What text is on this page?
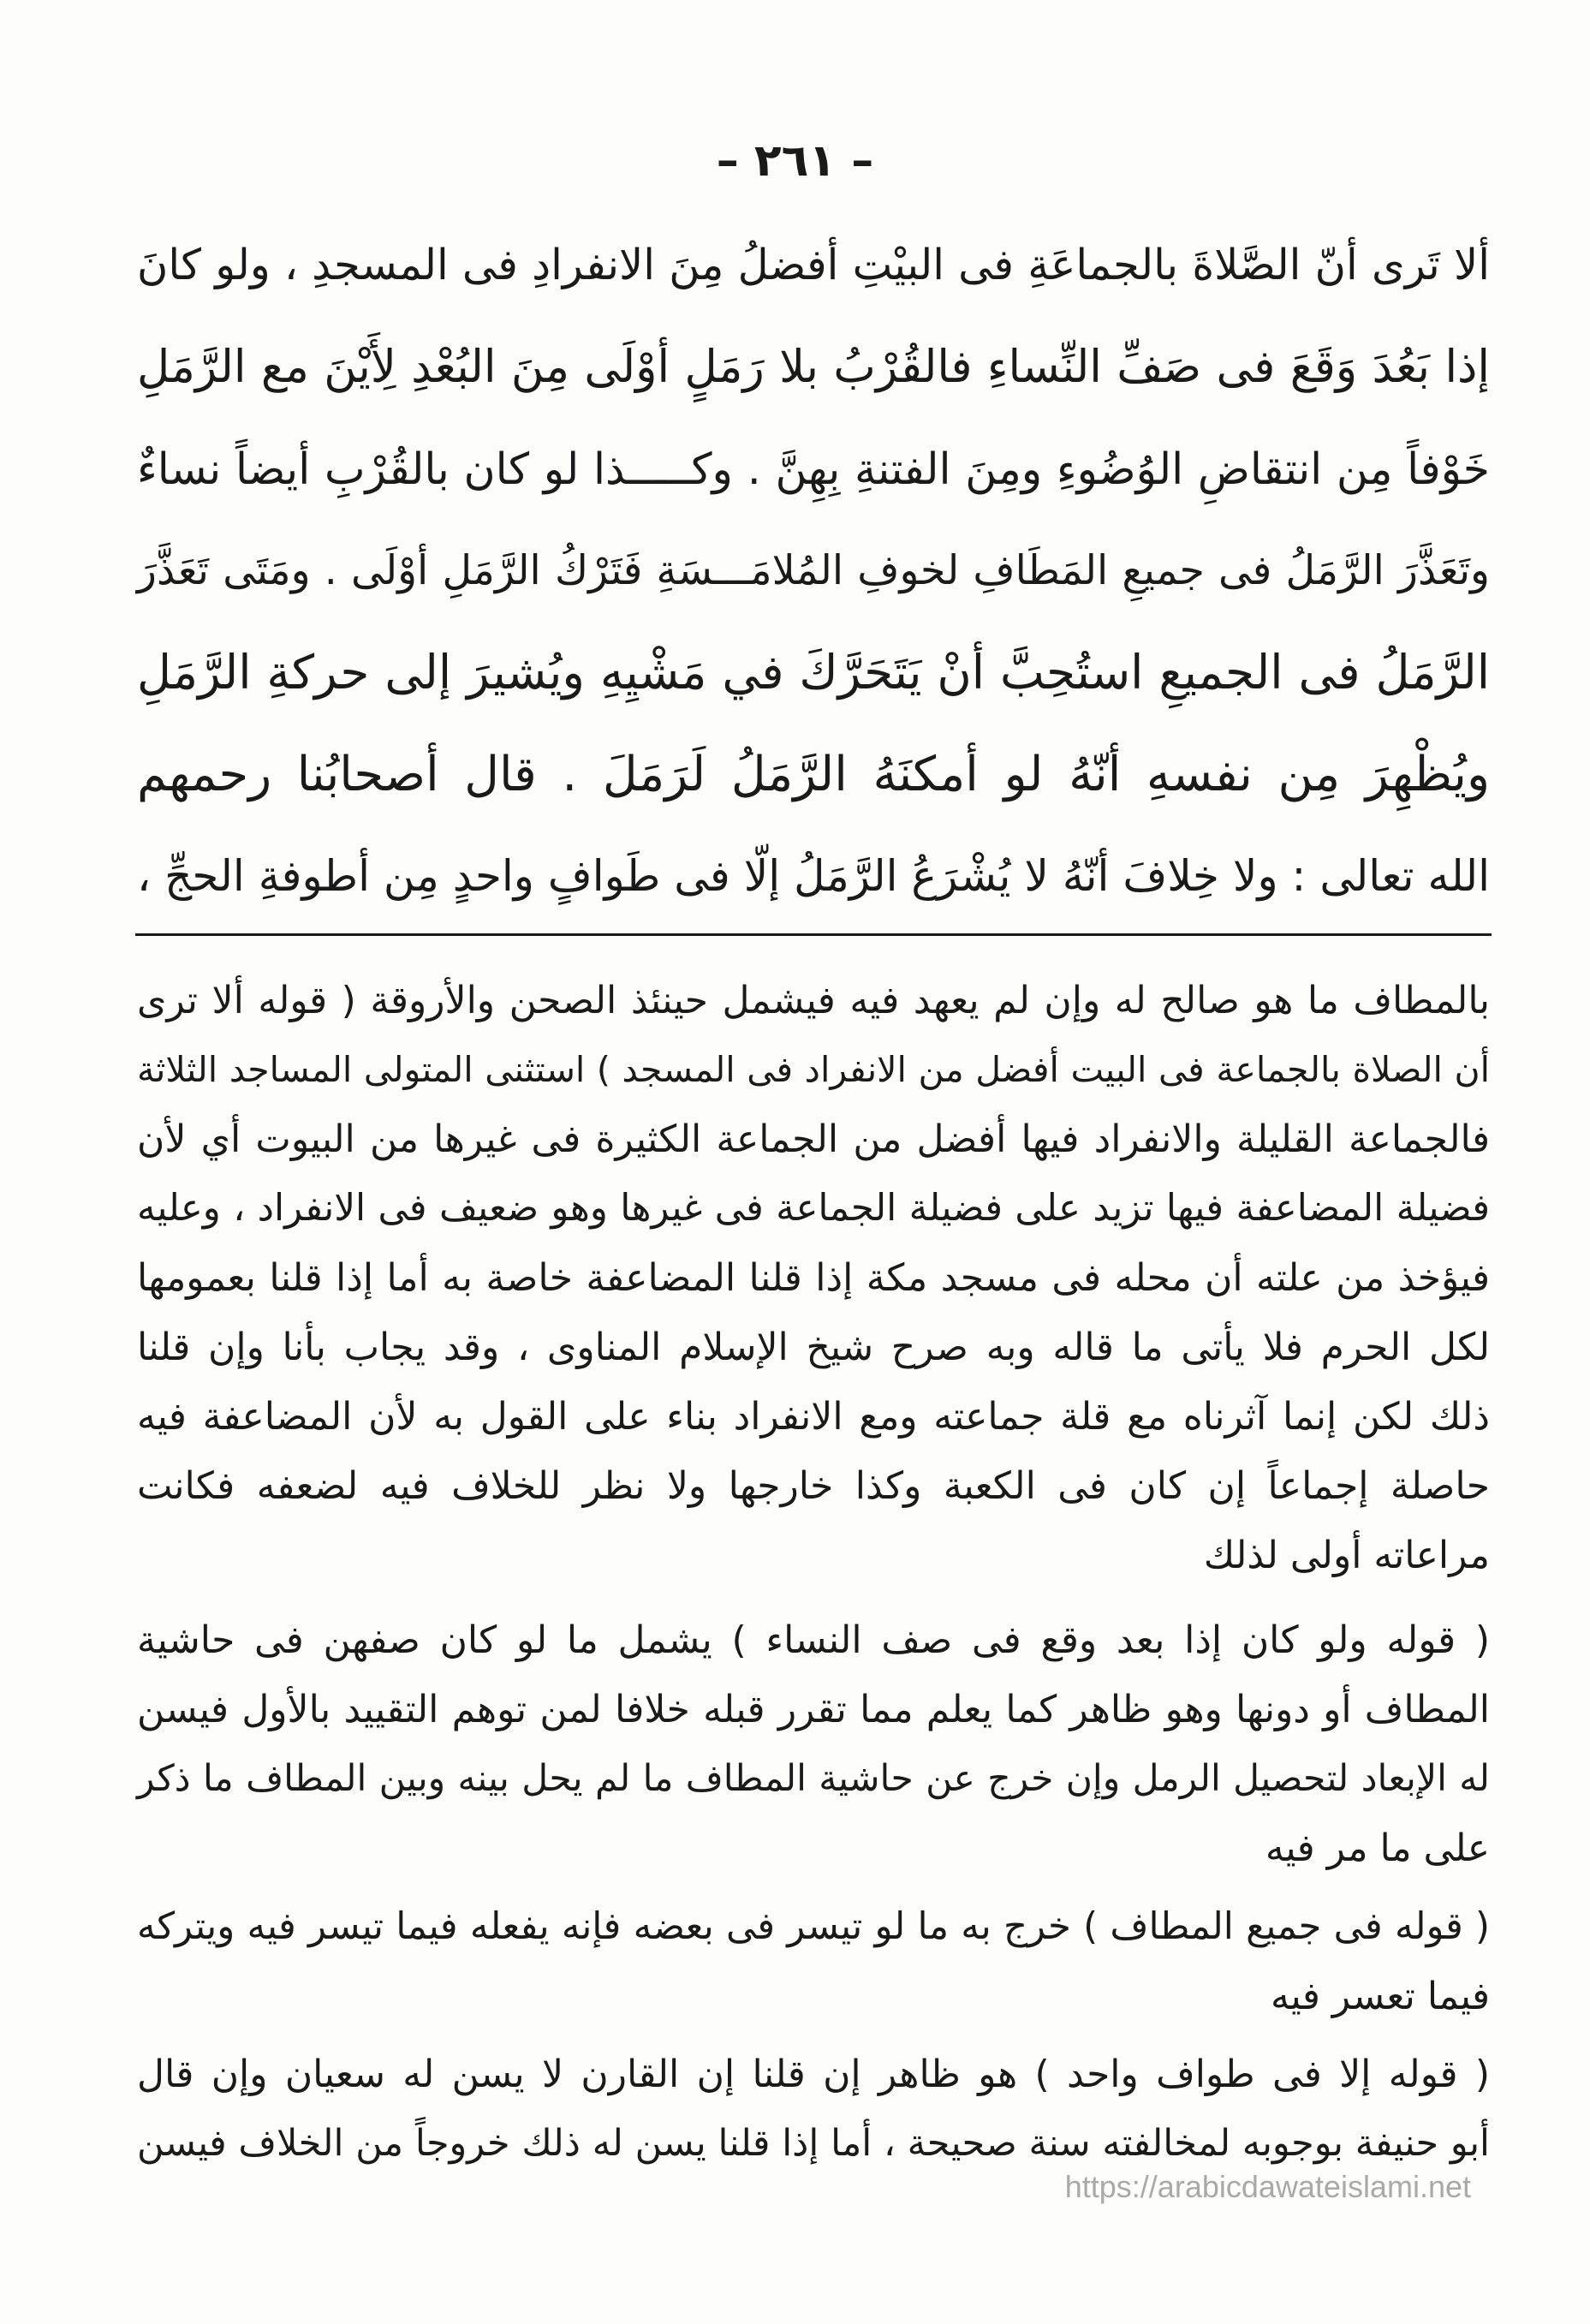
– ٢٦١ –
ألا تَرى أنّ الصَّلاةَ بالجماعَةِ فى البيْتِ أفضلُ مِنَ الانفرادِ فى المسجدِ ، ولو كانَ
إذا بَعُدَ وَقَعَ فى صَفِّ النِّساءِ فالقُرْبُ بلا رَمَلٍ أوْلَى مِنَ البُعْدِ لِأَيْنَ مع الرَّمَلِ
خَوْفاً مِن انتقاضِ الوُضُوءِ ومِنَ الفتنةِ بِهِنَّ . وكـــــذا لو كان بالقُرْبِ أيضاً نساءٌ
وتَعَذَّرَ الرَّمَلُ فى جميعِ المَطَافِ لخوفِ المُلامَـــسَةِ فَتَرْكُ الرَّمَلِ أوْلَى . ومَتَى تَعَذَّرَ
الرَّمَلُ فى الجميعِ استُحِبَّ أنْ يَتَحَرَّكَ في مَشْيِهِ ويُشيرَ إلى حركةِ الرَّمَلِ
ويُظْهِرَ مِن نفسهِ أنّهُ لو أمكنَهُ الرَّمَلُ لَرَمَلَ . قال أصحابُنا رحمهم
الله تعالى : ولا خِلافَ أنّهُ لا يُشْرَعُ الرَّمَلُ إلّا فى طَوافٍ واحدٍ مِن أطوفةِ الحجِّ ،
بالمطاف ما هو صالح له وإن لم يعهد فيه فيشمل حينئذ الصحن والأروقة ( قوله ألا ترى
أن الصلاة بالجماعة فى البيت أفضل من الانفراد فى المسجد ) استثنى المتولى المساجد الثلاثة
فالجماعة القليلة والانفراد فيها أفضل من الجماعة الكثيرة فى غيرها من البيوت أي لأن
فضيلة المضاعفة فيها تزيد على فضيلة الجماعة فى غيرها وهو ضعيف فى الانفراد ، وعليه
فيؤخذ من علته أن محله فى مسجد مكة إذا قلنا المضاعفة خاصة به أما إذا قلنا بعمومها
لكل الحرم فلا يأتى ما قاله وبه صرح شيخ الإسلام المناوى ، وقد يجاب بأنا وإن قلنا
ذلك لكن إنما آثرناه مع قلة جماعته ومع الانفراد بناء على القول به لأن المضاعفة فيه
حاصلة إجماعاً إن كان فى الكعبة وكذا خارجها ولا نظر للخلاف فيه لضعفه فكانت
مراعاته أولى لذلك
( قوله ولو كان إذا بعد وقع فى صف النساء ) يشمل ما لو كان صفهن فى حاشية
المطاف أو دونها وهو ظاهر كما يعلم مما تقرر قبله خلافا لمن توهم التقييد بالأول فيسن
له الإبعاد لتحصيل الرمل وإن خرج عن حاشية المطاف ما لم يحل بينه وبين المطاف ما ذكر
على ما مر فيه
( قوله فى جميع المطاف ) خرج به ما لو تيسر فى بعضه فإنه يفعله فيما تيسر فيه ويتركه
فيما تعسر فيه
( قوله إلا فى طواف واحد ) هو ظاهر إن قلنا إن القارن لا يسن له سعيان وإن قال
أبو حنيفة بوجوبه لمخالفته سنة صحيحة ، أما إذا قلنا يسن له ذلك خروجاً من الخلاف فيسن
https://arabicdawateislami.net
